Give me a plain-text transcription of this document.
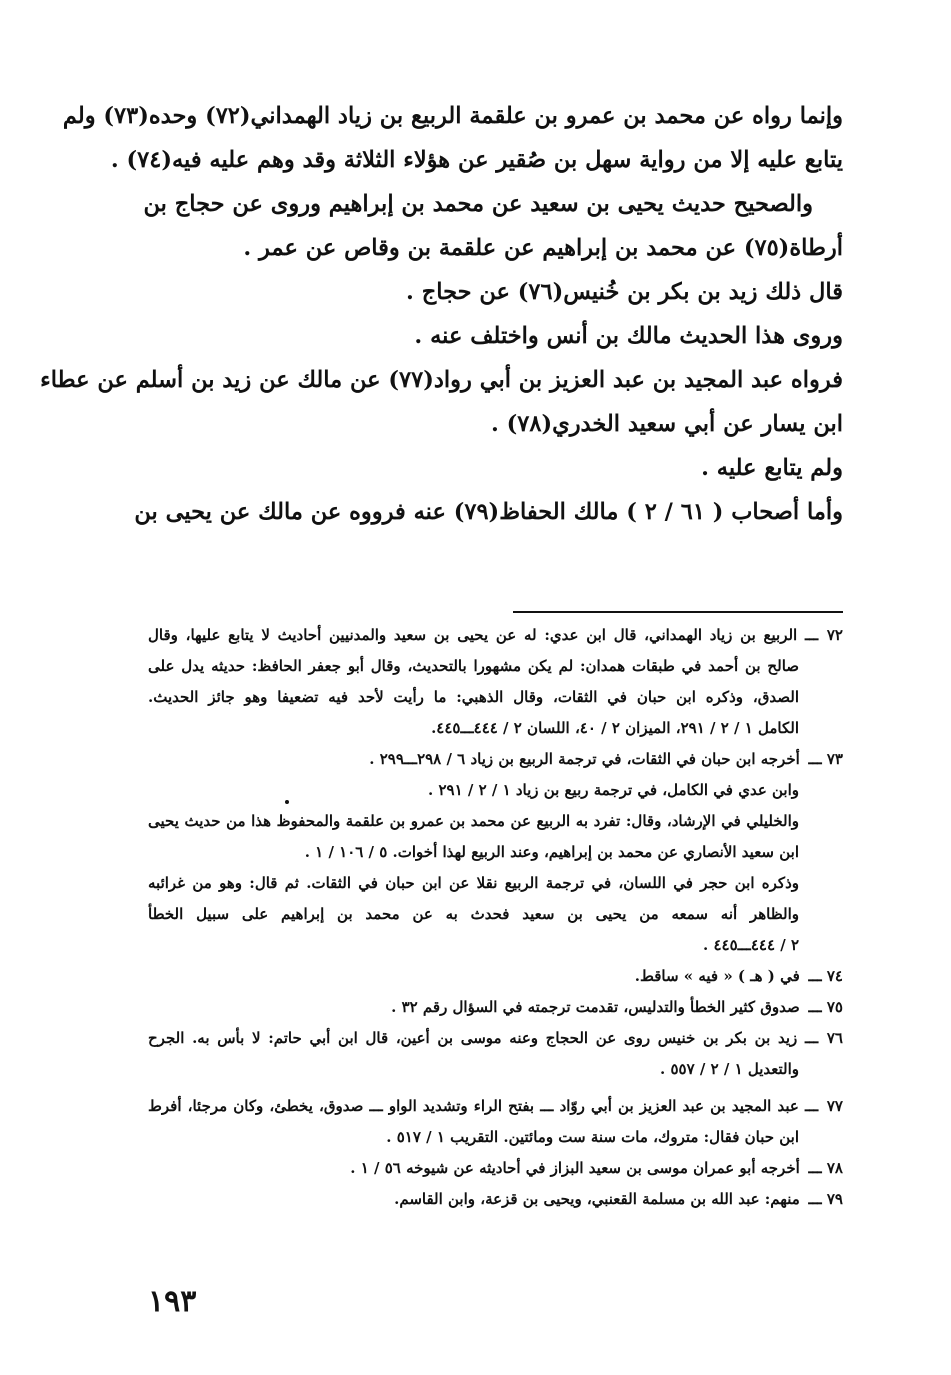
وإنما رواه عن محمد بن عمرو بن علقمة الربيع بن زياد الهمداني(٧٢) وحده(٧٣) ولم
يتابع عليه إلا من رواية سهل بن صُقير عن هؤلاء الثلاثة وقد وهم عليه فيه(٧٤) .

والصحيح حديث يحيى بن سعيد عن محمد بن إبراهيم وروى عن حجاج بن
أرطاة(٧٥) عن محمد بن إبراهيم عن علقمة بن وقاص عن عمر .

قال ذلك زيد بن بكر بن خُنيس(٧٦) عن حجاج .

وروى هذا الحديث مالك بن أنس واختلف عنه .

فرواه عبد المجيد بن عبد العزيز بن أبي رواد(٧٧) عن مالك عن زيد بن أسلم عن عطاء
ابن يسار عن أبي سعيد الخدري(٧٨) .

ولم يتابع عليه .

وأما أصحاب ( ٦١ / ٢ ) مالك الحفاظ(٧٩) عنه فرووه عن مالك عن يحيى بن

٧٢ ـــ الربيع بن زياد الهمداني، قال ابن عدي: له عن يحيى بن سعيد والمدنيين أحاديث لا يتابع عليها، وقال
صالح بن أحمد في طبقات همدان: لم يكن مشهورا بالتحديث، وقال أبو جعفر الحافظ: حديثه يدل على
الصدق، وذكره ابن حبان في الثقات، وقال الذهبي: ما رأيت لأحد فيه تضعيفا وهو جائز الحديث.
الكامل ١ / ٢ / ٢٩١، الميزان ٢ / ٤٠، اللسان ٢ / ٤٤٤ـــ٤٤٥.
٧٣ ـــ أخرجه ابن حبان في الثقات، في ترجمة الربيع بن زياد ٦ / ٢٩٨ـــ٢٩٩ .
وابن عدي في الكامل، في ترجمة ربيع بن زياد ١ / ٢ / ٢٩١ .
والخليلي في الإرشاد، وقال: تفرد به الربيع عن محمد بن عمرو بن علقمة والمحفوظ هذا من حديث يحيى
ابن سعيد الأنصاري عن محمد بن إبراهيم، وعند الربيع لهذا أخوات. ٥ / ١٠٦ / ١ .
وذكره ابن حجر في اللسان، في ترجمة الربيع نقلا عن ابن حبان في الثقات. ثم قال: وهو من غرائبه
والظاهر أنه سمعه من يحيى بن سعيد فحدث به عن محمد بن إبراهيم على سبيل الخطأ
٢ / ٤٤٤ـــ٤٤٥ .
٧٤ ـــ في ( هـ ) « فيه » ساقط.
٧٥ ـــ صدوق كثير الخطأ والتدليس، تقدمت ترجمته في السؤال رقم ٣٢ .
٧٦ ـــ زيد بن بكر بن خنيس روى عن الحجاج وعنه موسى بن أعين، قال ابن أبي حاتم: لا بأس به. الجرح
والتعديل ١ / ٢ / ٥٥٧ .
٧٧ ـــ عبد المجيد بن عبد العزيز بن أبي روّاد ـــ بفتح الراء وتشديد الواو ـــ صدوق، يخطئ، وكان مرجئا، أفرط
ابن حبان فقال: متروك، مات سنة ست ومائتين. التقريب ١ / ٥١٧ .
٧٨ ـــ أخرجه أبو عمران موسى بن سعيد البزاز في أحاديثه عن شيوخه ٥٦ / ١ .
٧٩ ـــ منهم: عبد الله بن مسلمة القعنبي، ويحيى بن قزعة، وابن القاسم.
١٩٣
